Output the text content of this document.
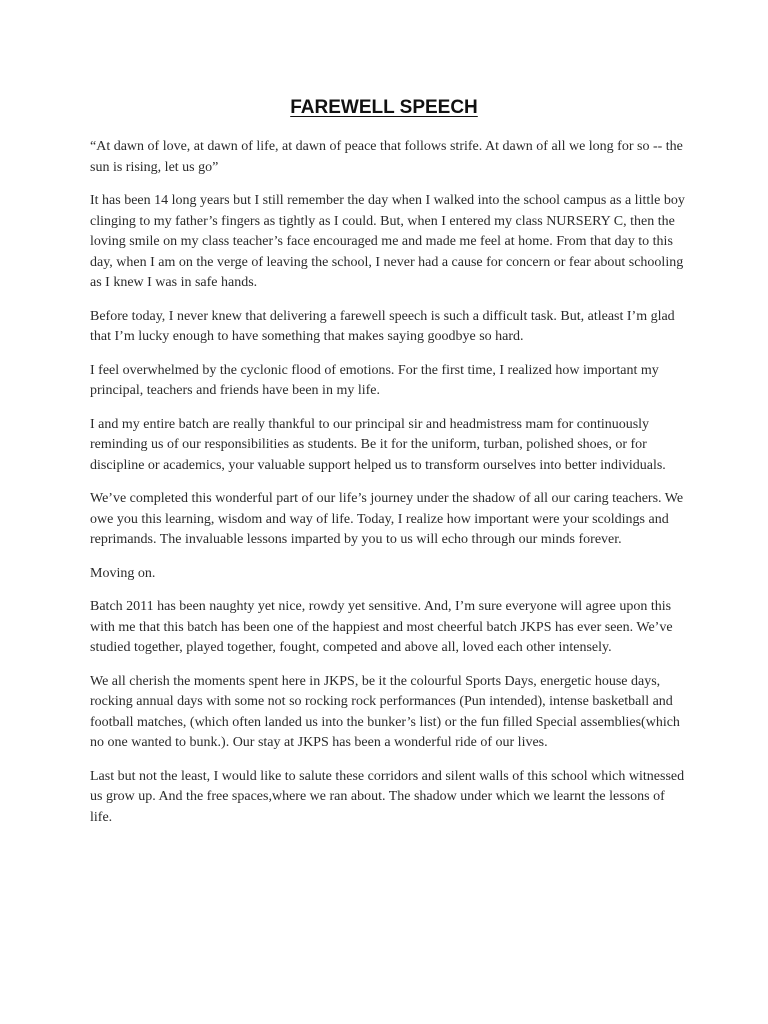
FAREWELL SPEECH

“At dawn of love, at dawn of life, at dawn of peace that follows strife. At dawn of all we long for so -- the sun is rising, let us go”

It has been 14 long years but I still remember the day when I walked into the school campus as a little boy clinging to my father’s fingers as tightly as I could. But, when I entered my class NURSERY C, then the loving smile on my class teacher’s face encouraged me and made me feel at home. From that day to this day, when I am on the verge of leaving the school, I never had a cause for concern or fear about schooling as I knew I was in safe hands.

Before today, I never knew that delivering a farewell speech is such a difficult task. But, atleast I’m glad that I’m lucky enough to have something that makes saying goodbye so hard.

I feel overwhelmed by the cyclonic flood of emotions. For the first time, I realized how important my principal, teachers and friends have been in my life.

I and my entire batch are really thankful to our principal sir and headmistress mam for continuously reminding us of our responsibilities as students. Be it for the uniform, turban, polished shoes, or for discipline or academics, your valuable support helped us to transform ourselves into better individuals.

We’ve completed this wonderful part of our life’s journey under the shadow of all our caring teachers. We owe you this learning, wisdom and way of life. Today, I realize how important were your scoldings and reprimands. The invaluable lessons imparted by you to us will echo through our minds forever.

Moving on.

Batch 2011 has been naughty yet nice, rowdy yet sensitive. And, I’m sure everyone will agree upon this with me that this batch has been one of the happiest and most cheerful batch JKPS has ever seen. We’ve studied together, played together, fought, competed and above all, loved each other intensely.

We all cherish the moments spent here in JKPS, be it the colourful Sports Days, energetic house days, rocking annual days with some not so rocking rock performances (Pun intended), intense basketball and football matches, (which often landed us into the bunker’s list) or the fun filled Special assemblies(which no one wanted to bunk.). Our stay at JKPS has been a wonderful ride of our lives.

Last but not the least, I would like to salute these corridors and silent walls of this school which witnessed us grow up. And the free spaces,where we ran about. The shadow under which we learnt the lessons of life.
